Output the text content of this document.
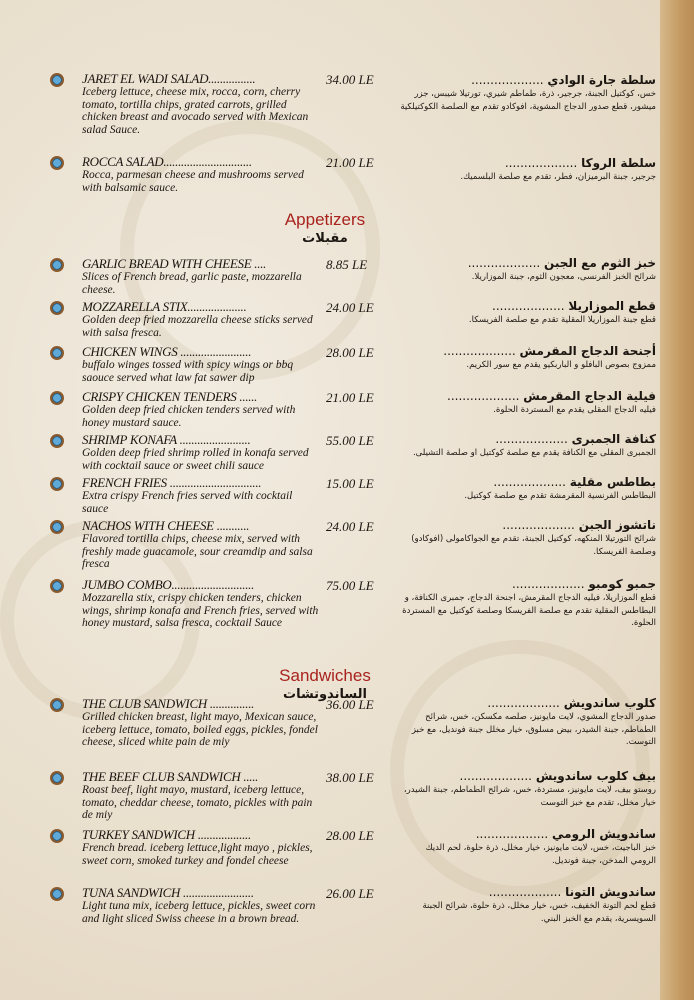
JARET EL WADI SALAD................
Iceberg lettuce, cheese mix, rocca, corn, cherry tomato, tortilla chips, grated carrots, grilled chicken breast and avocado served with Mexican salad Sauce.
34.00 LE	سلطة جارة الوادي ...................
خس، كوكتيل الجبنة، جرجير، ذرة، طماطم شيري، تورتيلا شيبس، جزر ميشور، قطع صدور الدجاج المشوية، افوكادو تقدم مع الصلصة الكوكتيلكية
ROCCA SALAD..............................
Rocca, parmesan cheese and mushrooms served with balsamic sauce.
21.00 LE	سلطة الروكا ...................
جرجير، جبنة البرميزان، فطر، تقدم مع صلصة البلسميك.
Appetizers
مقبلات
GARLIC BREAD WITH CHEESE ....
Slices of French bread, garlic paste, mozzarella cheese.
8.85 LE	خبز الثوم مع الجبن ...................
شرائح الخبز الفرنسى، معجون الثوم، جبنة الموزاريلا.
MOZZARELLA STIX....................
Golden deep fried mozzarella cheese sticks served with salsa fresca.
24.00 LE	قطع الموزاريلا ...................
قطع جبنة الموزاريلا المقلية تقدم مع صلصة الفريسكا.
CHICKEN WINGS ........................
buffalo winges tossed with spicy wings or bbq saouce served what law fat sawer dip
28.00 LE	أجنحة الدجاج المقرمش ...................
ممزوج بصوص البافلو و الباربكيو يقدم مع سور الكريم.
CRISPY CHICKEN TENDERS ......
Golden deep fried chicken tenders served with honey mustard sauce.
21.00 LE	فيلية الدجاج المقرمش ...................
فيليه الدجاج المقلى يقدم مع المستردة الحلوة.
SHRIMP KONAFA ........................
Golden deep fried shrimp rolled in konafa served with cocktail sauce or sweet chili sauce
55.00 LE	كنافة الجمبرى ...................
الجمبرى المقلى مع الكنافة يقدم مع صلصة كوكتيل او صلصة التشيلى.
FRENCH FRIES ...............................
Extra crispy French fries served with cocktail sauce
15.00 LE	بطاطس مقلية ...................
البطاطس الفرنسية المقرمشة تقدم مع صلصة كوكتيل.
NACHOS WITH CHEESE ...........
Flavored tortilla chips, cheese mix, served with freshly made guacamole, sour creamdip and salsa fresca
24.00 LE	ناتشوز الجبن ...................
شرائح التورتيلا المنكهه، كوكتيل الجبنة، تقدم مع الجواكامولى (افوكادو) وصلصة الفريسكا.
JUMBO COMBO............................
Mozzarella stix, crispy chicken tenders, chicken wings, shrimp konafa and French fries, served with honey mustard, salsa fresca, cocktail Sauce
75.00 LE	جمبو كومبو ...................
قطع الموزاريلا، فيليه الدجاج المقرمش، اجنحة الدجاج، جمبرى الكنافة، و البطاطس المقلية تقدم مع صلصة الفريسكا وصلصة كوكتيل مع المستردة الحلوة.
Sandwiches
الساندوتشات
THE CLUB SANDWICH ...............
Grilled chicken breast, light mayo, Mexican sauce, iceberg lettuce, tomato, boiled eggs, pickles, fondel cheese, sliced white pain de miy
36.00 LE	كلوب ساندويش ...................
صدور الدجاج المشوي، لايت مايونيز، صلصه مكسكن، خس، شرائح الطماطم، جبنة الشيدر، بيض مسلوق، خيار مخلل جبنة فونديل، مع خبز التوست.
THE BEEF CLUB SANDWICH .....
Roast beef, light mayo, mustard, iceberg lettuce, tomato, cheddar cheese, tomato, pickles with pain de miy
38.00 LE	بيف كلوب ساندويش ...................
روستو بيف، لايت مايونيز، مستردة، خس، شرائح الطماطم، جبنة الشيدر، خيار مخلل، تقدم مع خبز التوست
TURKEY SANDWICH ..................
French bread. iceberg lettuce,light mayo , pickles, sweet corn, smoked turkey and fondel cheese
28.00 LE	ساندويش الرومي ...................
خبز الباجيت، خس، لايت مايونيز، خيار مخلل، ذرة حلوة، لحم الديك الرومي المدخن، جبنة فونديل.
TUNA SANDWICH ........................
Light tuna mix, iceberg lettuce, pickles, sweet corn and light sliced Swiss cheese in a brown bread.
26.00 LE	ساندويش التونا ...................
قطع لحم التونة الخفيف، خس، خيار مخلل، ذرة حلوة، شرائح الجبنة السويسرية، يقدم مع الخبز البني.
